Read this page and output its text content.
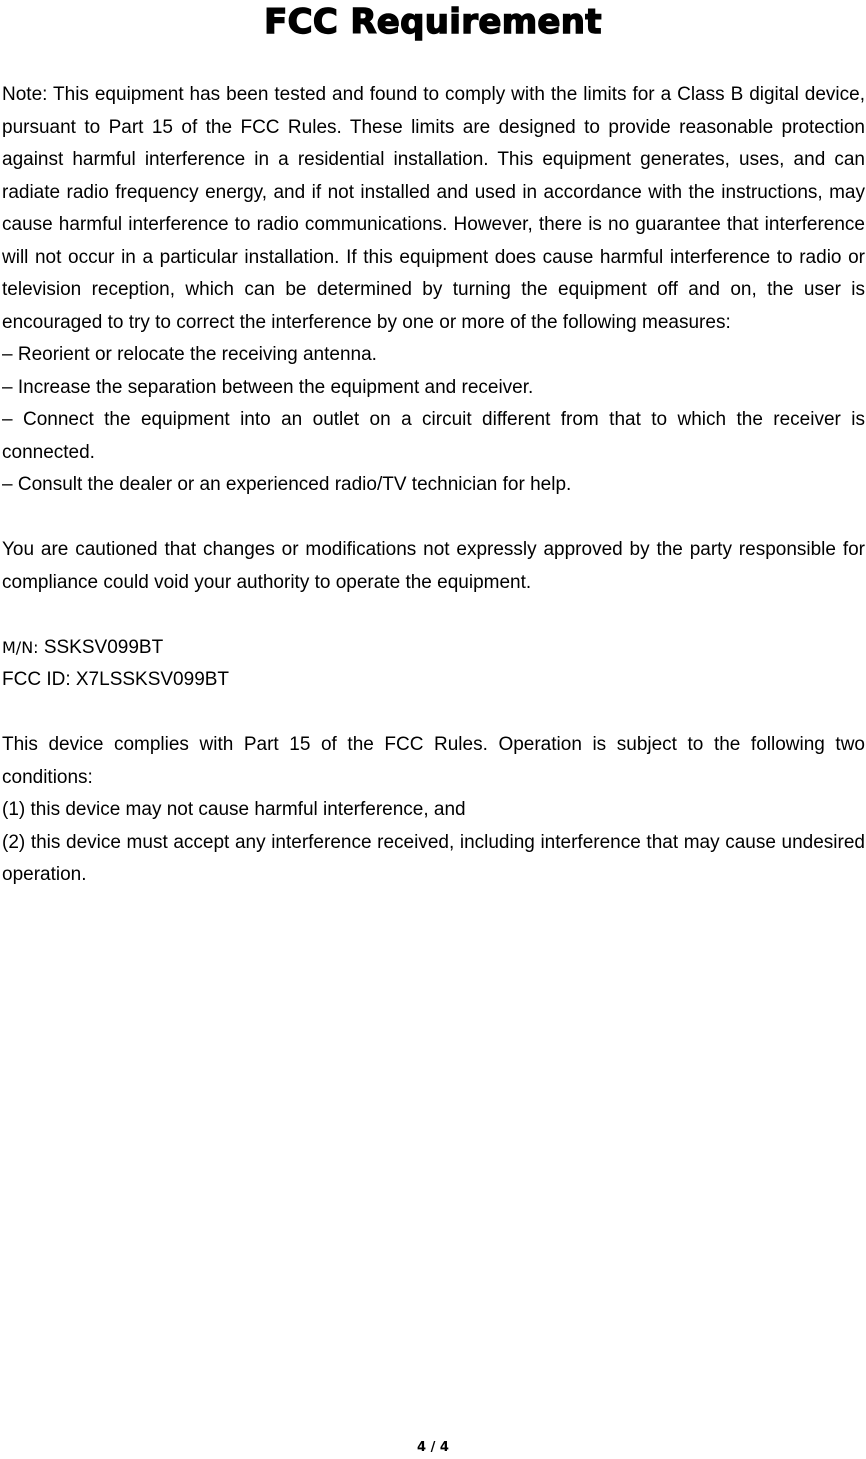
FCC Requirement

Note: This equipment has been tested and found to comply with the limits for a Class B digital device, pursuant to Part 15 of the FCC Rules. These limits are designed to provide reasonable protection against harmful interference in a residential installation. This equipment generates, uses, and can radiate radio frequency energy, and if not installed and used in accordance with the instructions, may cause harmful interference to radio communications. However, there is no guarantee that interference will not occur in a particular installation. If this equipment does cause harmful interference to radio or television reception, which can be determined by turning the equipment off and on, the user is encouraged to try to correct the interference by one or more of the following measures:

– Reorient or relocate the receiving antenna.

– Increase the separation between the equipment and receiver.

– Connect the equipment into an outlet on a circuit different from that to which the receiver is connected.

– Consult the dealer or an experienced radio/TV technician for help.

You are cautioned that changes or modifications not expressly approved by the party responsible for compliance could void your authority to operate the equipment.

M/N: SSKSV099BT

FCC ID: X7LSSKSV099BT

This device complies with Part 15 of the FCC Rules. Operation is subject to the following two conditions:

(1) this device may not cause harmful interference, and

(2) this device must accept any interference received, including interference that may cause undesired operation.

4 / 4
